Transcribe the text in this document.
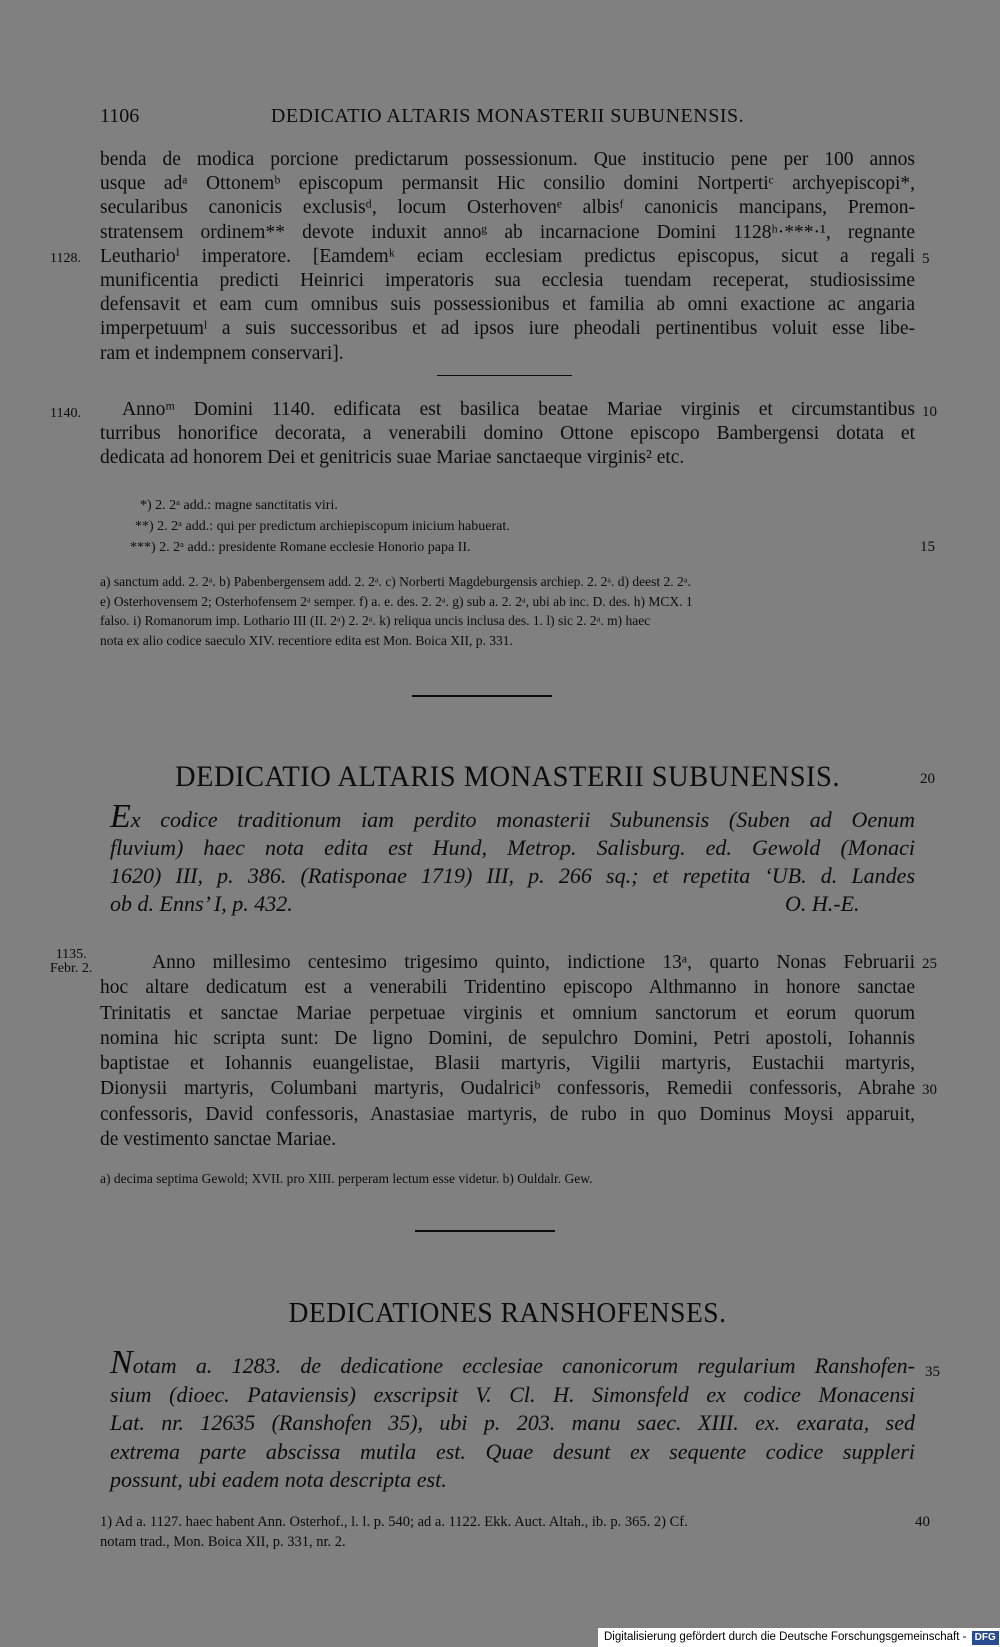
1106	DEDICATIO ALTARIS MONASTERII SUBUNENSIS.
benda de modica porcione predictarum possessionum. Que institucio pene per 100 annos
usque adᵃ Ottonemᵇ episcopum permansit Hic consilio domini Nortpertiᶜ archyepiscopi*,
secularibus canonicis exclusisᵈ, locum Osterhovenᵉ albisᶠ canonicis mancipans, Premon-
stratensem ordinem** devote induxit annoᵍ ab incarnacione Domini 1128ʰ·***·¹, regnante
1128. Leutharioⁱ imperatore. [Eamdemᵏ eciam ecclesiam predictus episcopus, sicut a regali 5
munificentia predicti Heinrici imperatoris sua ecclesia tuendam receperat, studiosissime
defensavit et eam cum omnibus suis possessionibus et familia ab omni exactione ac angaria
imperpetuumˡ a suis successoribus et ad ipsos iure pheodali pertinentibus voluit esse libe-
ram et indempnem conservari].
1140. Annoᵐ Domini 1140. edificata est basilica beatae Mariae virginis et circumstantibus 10
turribus honorifice decorata, a venerabili domino Ottone episcopo Bambergensi dotata et
dedicata ad honorem Dei et genitricis suae Mariae sanctaeque virginis² etc.
*) 2. 2ᵃ add.: magne sanctitatis viri.
**) 2. 2ᵃ add.: qui per predictum archiepiscopum inicium habuerat.
***) 2. 2ᵃ add.: presidente Romane ecclesie Honorio papa II.	15
a) sanctum add. 2. 2ᵃ. b) Pabenbergensem add. 2. 2ᵃ. c) Norberti Magdeburgensis archiep. 2. 2ᵃ. d) deest 2. 2ᵃ.
e) Osterhovensem 2; Osterhofensem 2ᵃ semper. f) a. e. des. 2. 2ᵃ. g) sub a. 2. 2ᵃ, ubi ab inc. D. des. h) MCX. 1
falso. i) Romanorum imp. Lothario III (II. 2ᵃ) 2. 2ᵃ. k) reliqua uncis inclusa des. 1. l) sic 2. 2ᵃ. m) haec
nota ex alio codice saeculo XIV. recentiore edita est Mon. Boica XII, p. 331.
DEDICATIO ALTARIS MONASTERII SUBUNENSIS.	20
Ex codice traditionum iam perdito monasterii Subunensis (Suben ad Oenum
fluvium) haec nota edita est Hund, Metrop. Salisburg. ed. Gewold (Monaci
1620) III, p. 386. (Ratisponae 1719) III, p. 266 sq.; et repetita ‘UB. d. Landes
ob d. Enns’ I, p. 432.	O. H.-E.
1135.
Febr. 2.	Anno millesimo centesimo trigesimo quinto, indictione 13ᵃ, quarto Nonas Februarii 25
hoc altare dedicatum est a venerabili Tridentino episcopo Althmanno in honore sanctae
Trinitatis et sanctae Mariae perpetuae virginis et omnium sanctorum et eorum quorum
nomina hic scripta sunt: De ligno Domini, de sepulchro Domini, Petri apostoli, Iohannis
baptistae et Iohannis euangelistae, Blasii martyris, Vigilii martyris, Eustachii martyris,
Dionysii martyris, Columbani martyris, Oudalriciᵇ confessoris, Remedii confessoris, Abrahe 30
confessoris, David confessoris, Anastasiae martyris, de rubo in quo Dominus Moysi apparuit,
de vestimento sanctae Mariae.
a) decima septima Gewold; XVII. pro XIII. perperam lectum esse videtur. b) Ouldalr. Gew.
DEDICATIONES RANSHOFENSES.
Notam a. 1283. de dedicatione ecclesiae canonicorum regularium Ranshofen- 35
sium (dioec. Pataviensis) exscripsit V. Cl. H. Simonsfeld ex codice Monacensi
Lat. nr. 12635 (Ranshofen 35), ubi p. 203. manu saec. XIII. ex. exarata, sed
extrema parte abscissa mutila est. Quae desunt ex sequente codice suppleri
possunt, ubi eadem nota descripta est.
1) Ad a. 1127. haec habent Ann. Osterhof., l. l. p. 540; ad a. 1122. Ekk. Auct. Altah., ib. p. 365. 2) Cf.	40
notam trad., Mon. Boica XII, p. 331, nr. 2.
Digitalisierung gefördert durch die Deutsche Forschungsgemeinschaft - DFG
